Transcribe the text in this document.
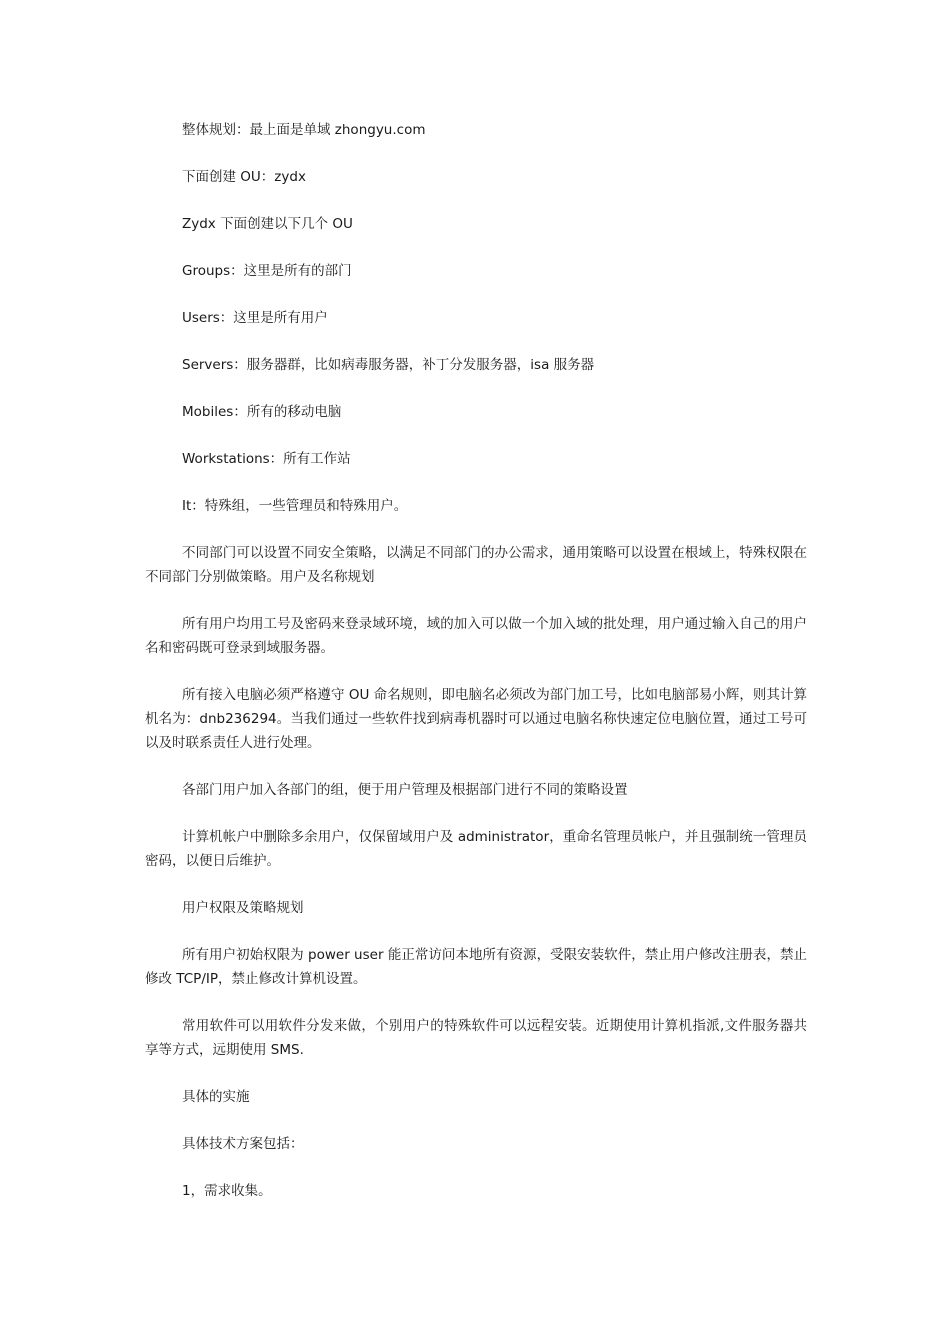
整体规划：最上面是单域 zhongyu.com

下面创建 OU：zydx

Zydx 下面创建以下几个 OU

Groups：这里是所有的部门

Users：这里是所有用户

Servers：服务器群，比如病毒服务器，补丁分发服务器，isa 服务器

Mobiles：所有的移动电脑

Workstations：所有工作站

It：特殊组，一些管理员和特殊用户。

不同部门可以设置不同安全策略，以满足不同部门的办公需求，通用策略可以设置在根域上，特殊权限在不同部门分别做策略。用户及名称规划

所有用户均用工号及密码来登录域环境，域的加入可以做一个加入域的批处理，用户通过输入自己的用户名和密码既可登录到域服务器。

所有接入电脑必须严格遵守 OU 命名规则，即电脑名必须改为部门加工号，比如电脑部易小辉，则其计算机名为：dnb236294。当我们通过一些软件找到病毒机器时可以通过电脑名称快速定位电脑位置，通过工号可以及时联系责任人进行处理。

各部门用户加入各部门的组，便于用户管理及根据部门进行不同的策略设置

计算机帐户中删除多余用户，仅保留域用户及 administrator，重命名管理员帐户，并且强制统一管理员密码，以便日后维护。

用户权限及策略规划

所有用户初始权限为 power user 能正常访问本地所有资源，受限安装软件，禁止用户修改注册表，禁止修改 TCP/IP，禁止修改计算机设置。

常用软件可以用软件分发来做，个别用户的特殊软件可以远程安装。近期使用计算机指派,文件服务器共享等方式，远期使用 SMS.

具体的实施

具体技术方案包括：

1，需求收集。
